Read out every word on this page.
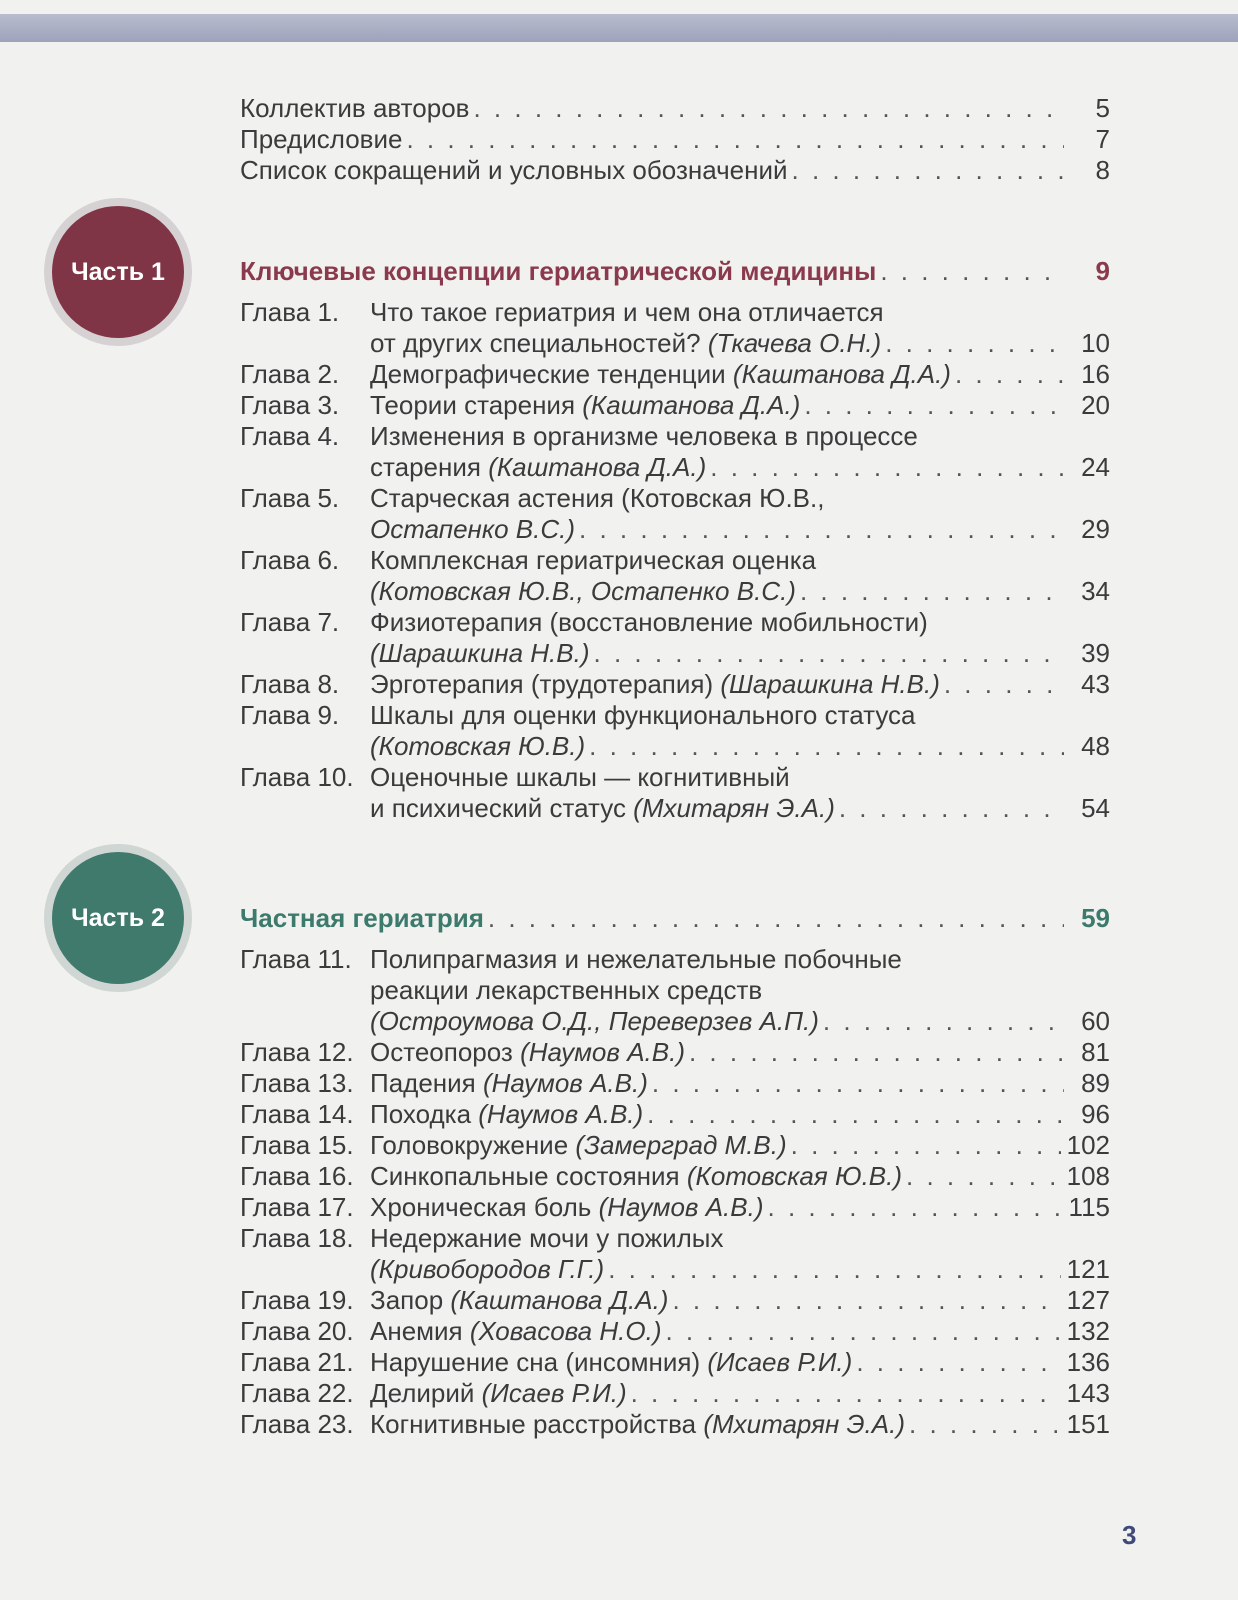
Часть 1
Часть 2
Коллектив авторов . . .	5
Предисловие . . .	7
Список сокращений и условных обозначений . . .	8
Ключевые концепции гериатрической медицины . . .	9
Глава 1. Что такое гериатрия и чем она отличается
от других специальностей? (Ткачева О.Н.) . . .	10
Глава 2. Демографические тенденции (Каштанова Д.А.) . . .	16
Глава 3. Теории старения (Каштанова Д.А.) . . .	20
Глава 4. Изменения в организме человека в процессе
старения (Каштанова Д.А.) . . .	24
Глава 5. Старческая астения (Котовская Ю.В.,
Остапенко В.С.) . . .	29
Глава 6. Комплексная гериатрическая оценка
(Котовская Ю.В., Остапенко В.С.) . . .	34
Глава 7. Физиотерапия (восстановление мобильности)
(Шарашкина Н.В.) . . .	39
Глава 8. Эрготерапия (трудотерапия) (Шарашкина Н.В.) . . .	43
Глава 9. Шкалы для оценки функционального статуса
(Котовская Ю.В.) . . .	48
Глава 10. Оценочные шкалы — когнитивный
и психический статус (Мхитарян Э.А.) . . .	54
Частная гериатрия . . .	59
Глава 11. Полипрагмазия и нежелательные побочные
реакции лекарственных средств
(Остроумова О.Д., Переверзев А.П.) . . .	60
Глава 12. Остеопороз (Наумов А.В.) . . .	81
Глава 13. Падения (Наумов А.В.) . . .	89
Глава 14. Походка (Наумов А.В.) . . .	96
Глава 15. Головокружение (Замерград М.В.) . . .	102
Глава 16. Синкопальные состояния (Котовская Ю.В.) . . .	108
Глава 17. Хроническая боль (Наумов А.В.) . . .	115
Глава 18. Недержание мочи у пожилых
(Кривобородов Г.Г.) . . .	121
Глава 19. Запор (Каштанова Д.А.) . . .	127
Глава 20. Анемия (Ховасова Н.О.) . . .	132
Глава 21. Нарушение сна (инсомния) (Исаев Р.И.) . . .	136
Глава 22. Делирий (Исаев Р.И.) . . .	143
Глава 23. Когнитивные расстройства (Мхитарян Э.А.) . . .	151
3
